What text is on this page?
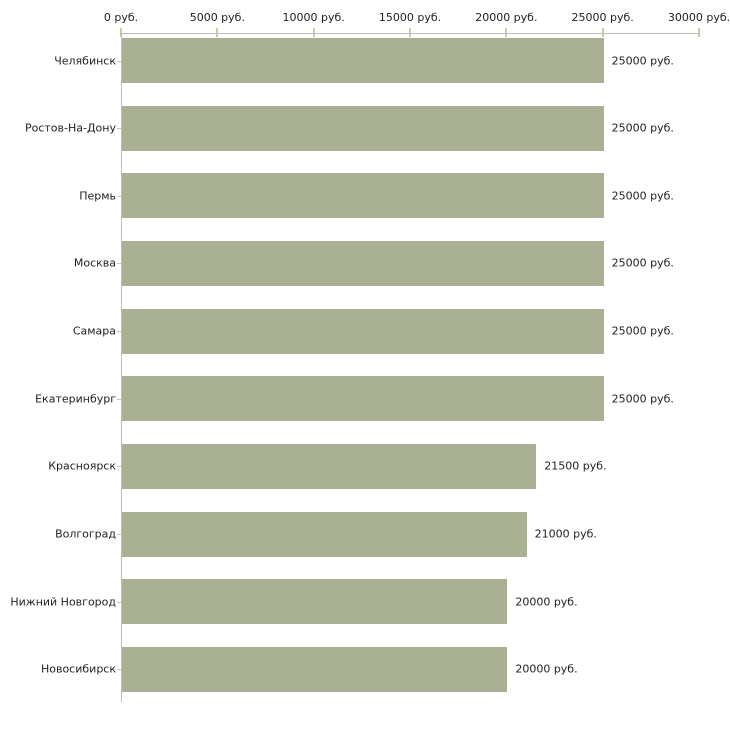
0 руб.	5000 руб.	10000 руб.	15000 руб.	20000 руб.	25000 руб.	30000 руб.
Челябинск	25000 руб.
Ростов-На-Дону	25000 руб.
Пермь	25000 руб.
Москва	25000 руб.
Самара	25000 руб.
Екатеринбург	25000 руб.
Красноярск	21500 руб.
Волгоград	21000 руб.
Нижний Новгород	20000 руб.
Новосибирск	20000 руб.
